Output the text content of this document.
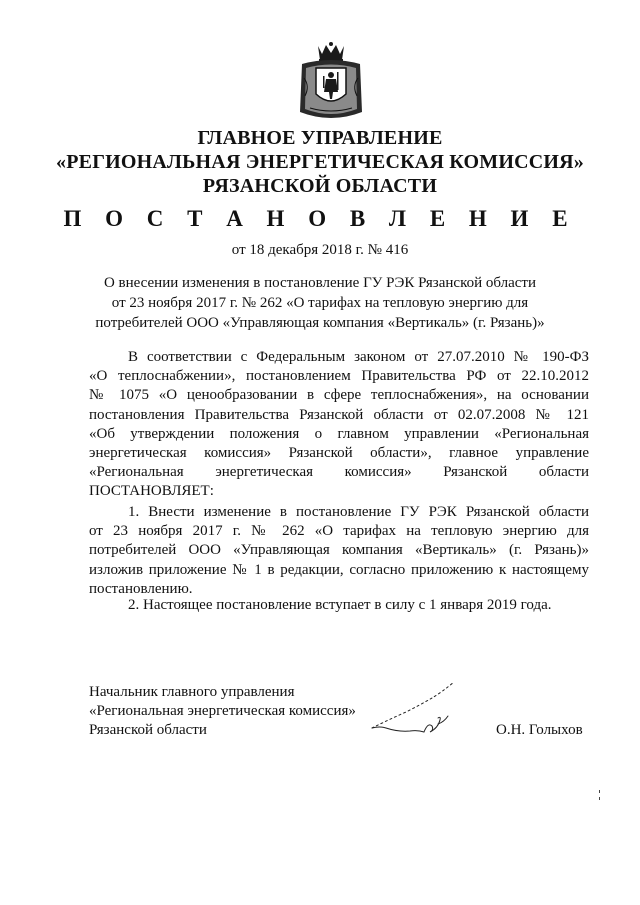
ГЛАВНОЕ УПРАВЛЕНИЕ
«РЕГИОНАЛЬНАЯ ЭНЕРГЕТИЧЕСКАЯ КОМИССИЯ»
РЯЗАНСКОЙ ОБЛАСТИ
П О С Т А Н О В Л Е Н И Е
от 18 декабря 2018 г. № 416
О внесении изменения в постановление ГУ РЭК Рязанской области
от 23 ноября 2017 г. № 262 «О тарифах на тепловую энергию для
потребителей ООО «Управляющая компания «Вертикаль» (г. Рязань)»
В соответствии с Федеральным законом от 27.07.2010 № 190-ФЗ
«О теплоснабжении», постановлением Правительства РФ от 22.10.2012
№ 1075 «О ценообразовании в сфере теплоснабжения», на основании
постановления Правительства Рязанской области от 02.07.2008 № 121
«Об утверждении положения о главном управлении «Региональная
энергетическая комиссия» Рязанской области», главное управление
«Региональная энергетическая комиссия» Рязанской области
ПОСТАНОВЛЯЕТ:
1. Внести изменение в постановление ГУ РЭК Рязанской области
от 23 ноября 2017 г. № 262 «О тарифах на тепловую энергию для
потребителей ООО «Управляющая компания «Вертикаль» (г. Рязань)»
изложив приложение № 1 в редакции, согласно приложению к настоящему
постановлению.
2. Настоящее постановление вступает в силу с 1 января 2019 года.
Начальник главного управления
«Региональная энергетическая комиссия»
Рязанской области	О.Н. Голыхов
